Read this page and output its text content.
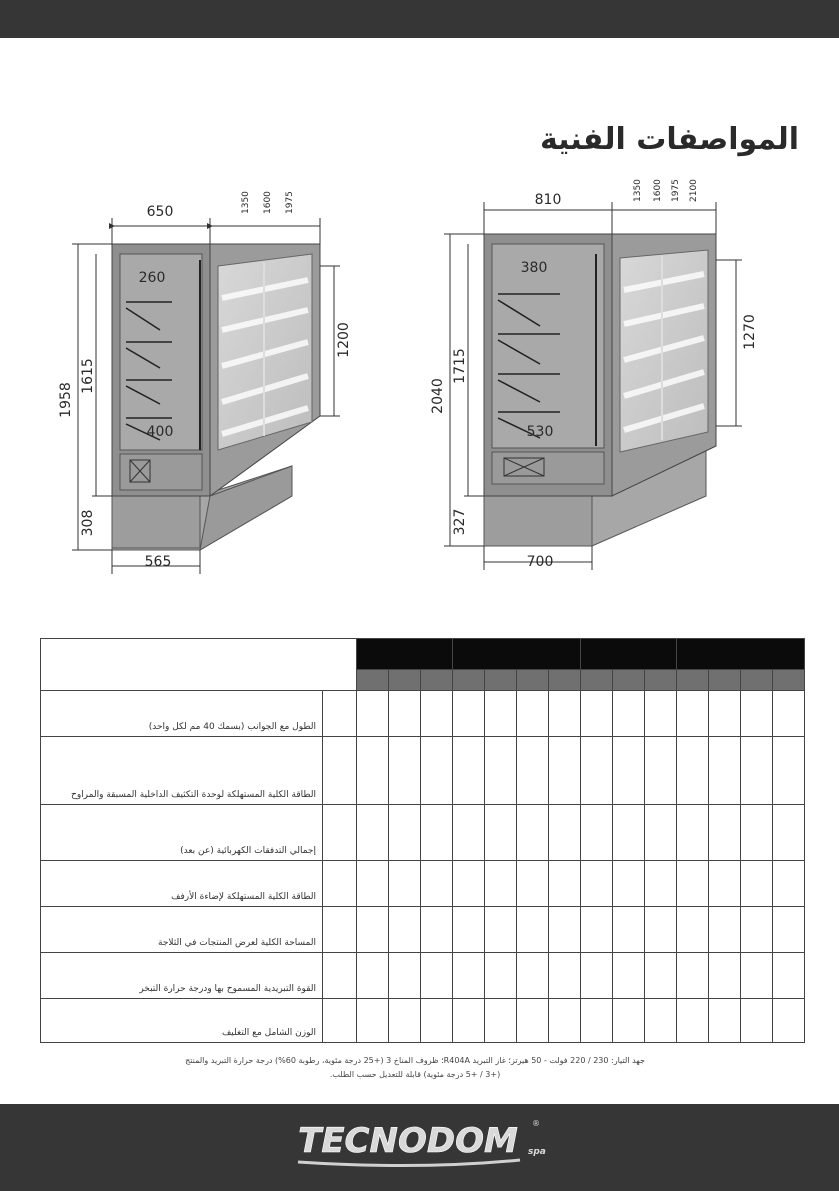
المواصفات الفنية
650	1350 1600 1975
1958
1615
308
260
400
1200
565
810	1350 1600 1975 2100
2040
1715
327
380
530
1270
700

الطول مع الجوانب (بسمك 40 مم لكل واحد)															
الطاقة الكلية المستهلكة لوحدة التكثيف الداخلية المسبقة والمراوح															
إجمالي التدفقات الكهربائية (عن بعد)															
الطاقة الكلية المستهلكة لإضاءة الأرفف															
المساحة الكلية لعرض المنتجات في الثلاجة															
القوة التبريدية المسموح بها ودرجة حرارة التبخر															
الوزن الشامل مع التغليف															
جهد التيار: 230 / 220 فولت - 50 هيرتز؛ غاز التبريد R404A؛ ظروف المناخ 3 (+25 درجة مئوية، رطوبة 60%) درجة حرارة التبريد والمنتج
(+3 / +5 درجة مئوية) قابلة للتعديل حسب الطلب.
TECNODOM ®
spa
